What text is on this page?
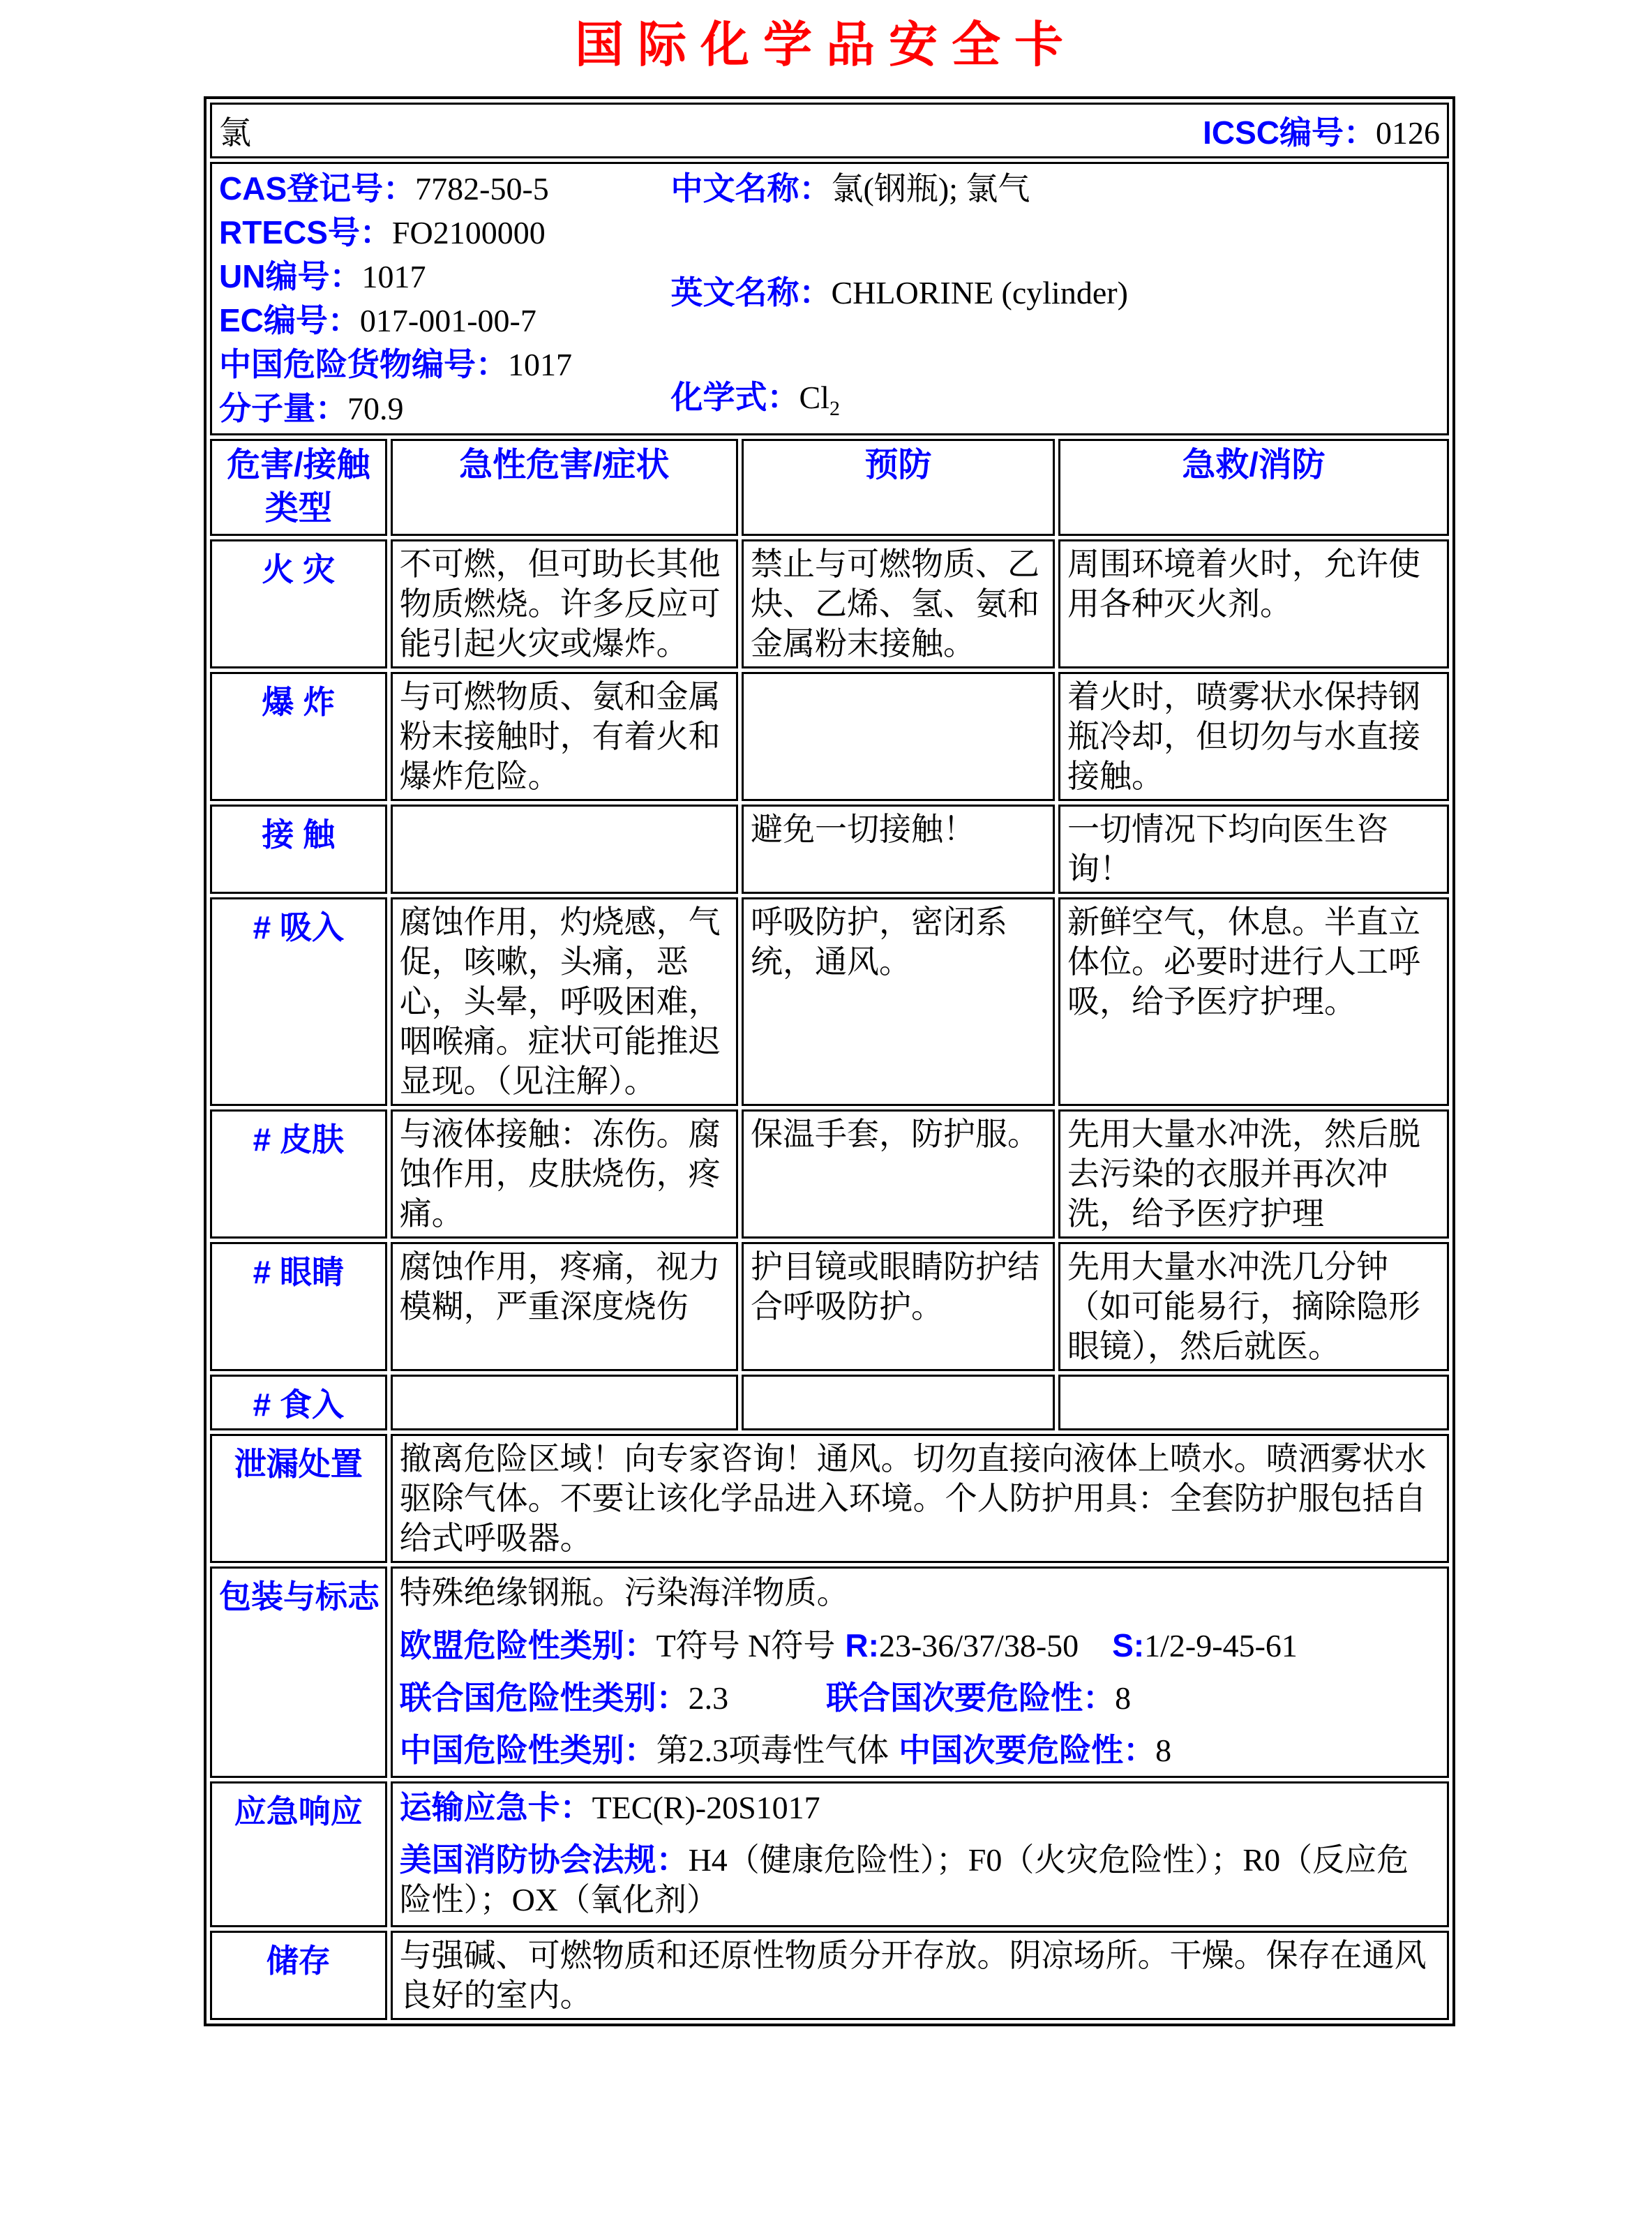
国际化学品安全卡
氯 ICSC编号：0126			

CAS登记号：7782-50-5
RTECS号：FO2100000
UN编号：1017
EC编号：017-001-00-7
中国危险货物编号：1017
分子量：70.9
中文名称：氯(钢瓶); 氯气
英文名称：CHLORINE (cylinder)
化学式：$Cl_2$

危害/接触类型	急性危害/症状	预防	急救/消防
火 灾	不可燃，但可助长其他物质燃烧。许多反应可能引起火灾或爆炸。	禁止与可燃物质、乙炔、乙烯、氢、氨和金属粉末接触。	周围环境着火时，允许使用各种灭火剂。
爆 炸	与可燃物质、氨和金属粉末接触时，有着火和爆炸危险。		着火时，喷雾状水保持钢瓶冷却，但切勿与水直接接触。
接 触		避免一切接触！	一切情况下均向医生咨询！
# 吸入	腐蚀作用，灼烧感，气促，咳嗽，头痛，恶心，头晕，呼吸困难，咽喉痛。症状可能推迟显现。（见注解）。	呼吸防护，密闭系统，通风。	新鲜空气，休息。半直立体位。必要时进行人工呼吸，给予医疗护理。
# 皮肤	与液体接触：冻伤。腐蚀作用，皮肤烧伤，疼痛。	保温手套，防护服。	先用大量水冲洗，然后脱去污染的衣服并再次冲洗，给予医疗护理
# 眼睛	腐蚀作用，疼痛，视力模糊，严重深度烧伤	护目镜或眼睛防护结合呼吸防护。	先用大量水冲洗几分钟（如可能易行，摘除隐形眼镜），然后就医。
# 食入			
泄漏处置	撤离危险区域！向专家咨询！通风。切勿直接向液体上喷水。喷洒雾状水驱除气体。不要让该化学品进入环境。个人防护用具：全套防护服包括自给式呼吸器。		
包装与标志	特殊绝缘钢瓶。污染海洋物质。
欧盟危险性类别：T符号 N符号 R:23-36/37/38-50 S:1/2-9-45-61
联合国危险性类别：2.3 联合国次要危险性：8
中国危险性类别：第2.3项毒性气体 中国次要危险性：8		

应急响应	运输应急卡：TEC(R)-20S1017
美国消防协会法规：H4（健康危险性）；F0（火灾危险性）；R0（反应危险性）；OX（氧化剂）		

储存	与强碱、可燃物质和还原性物质分开存放。阴凉场所。干燥。保存在通风良好的室内。		
